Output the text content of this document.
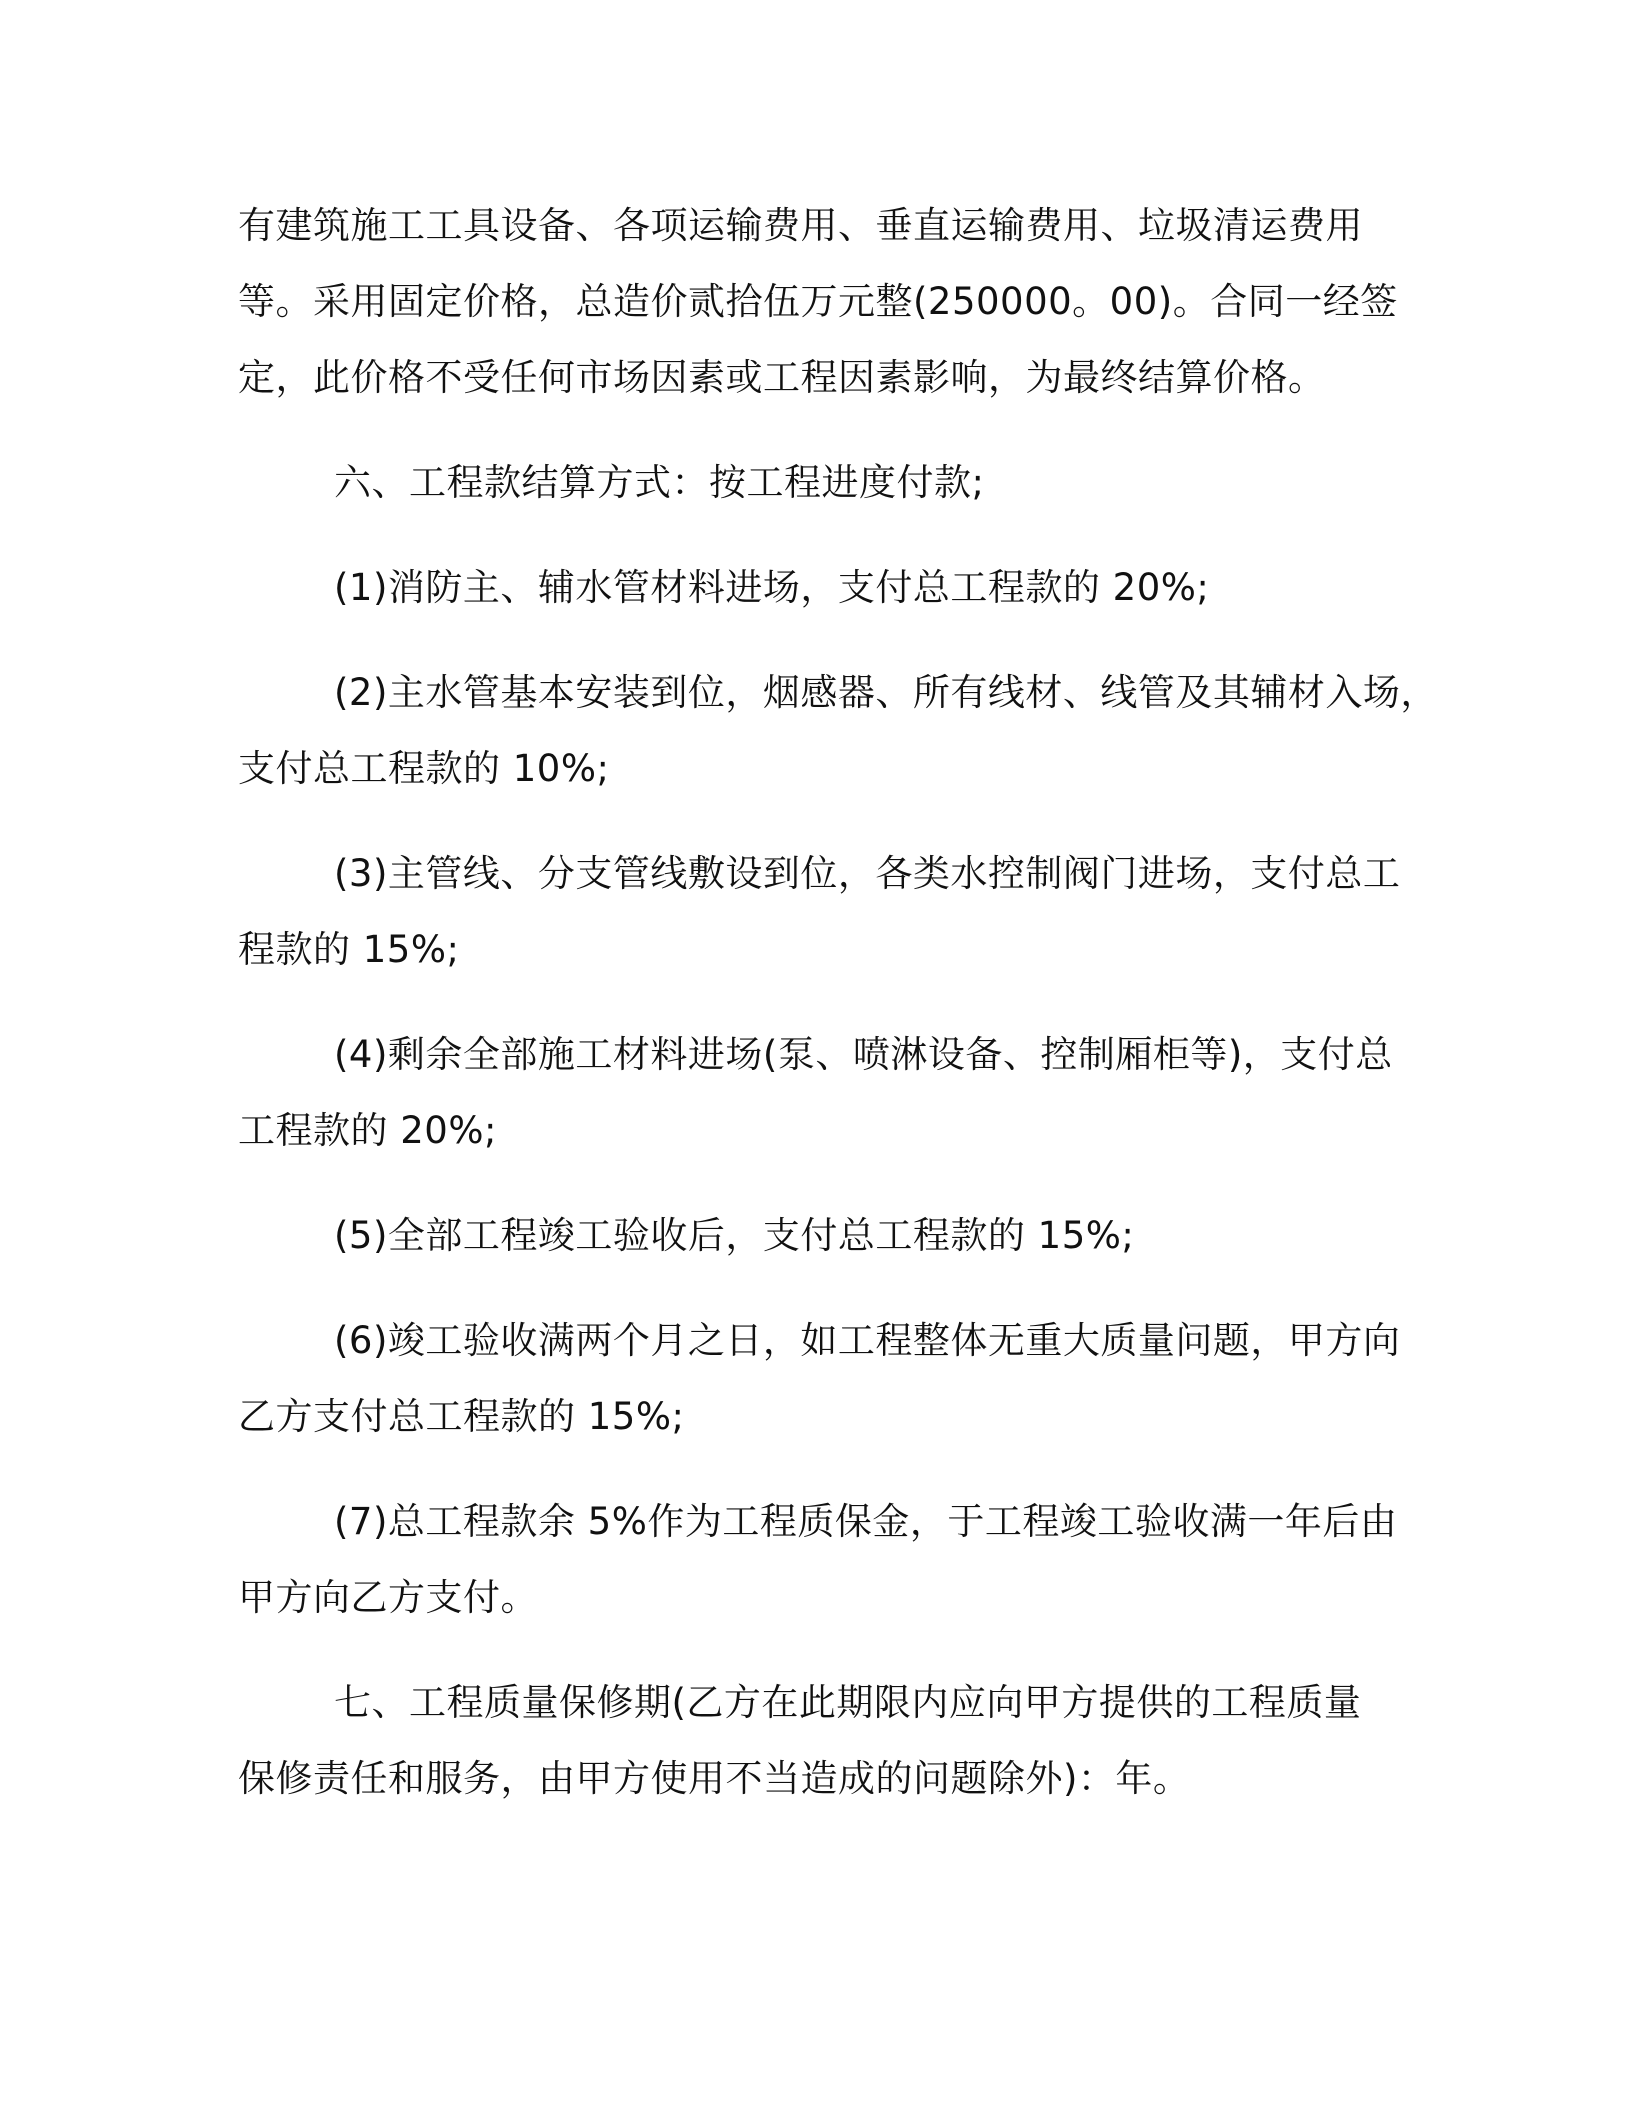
有建筑施工工具设备、各项运输费用、垂直运输费用、垃圾清运费用
等。采用固定价格，总造价贰拾伍万元整(250000。00)。合同一经签
定，此价格不受任何市场因素或工程因素影响，为最终结算价格。

六、工程款结算方式：按工程进度付款;

(1)消防主、辅水管材料进场，支付总工程款的 20%;

(2)主水管基本安装到位，烟感器、所有线材、线管及其辅材入场，
支付总工程款的 10%;

(3)主管线、分支管线敷设到位，各类水控制阀门进场，支付总工
程款的 15%;

(4)剩余全部施工材料进场(泵、喷淋设备、控制厢柜等)，支付总
工程款的 20%;

(5)全部工程竣工验收后，支付总工程款的 15%;

(6)竣工验收满两个月之日，如工程整体无重大质量问题，甲方向
乙方支付总工程款的 15%;

(7)总工程款余 5%作为工程质保金，于工程竣工验收满一年后由
甲方向乙方支付。

七、工程质量保修期(乙方在此期限内应向甲方提供的工程质量
保修责任和服务，由甲方使用不当造成的问题除外)：年。
